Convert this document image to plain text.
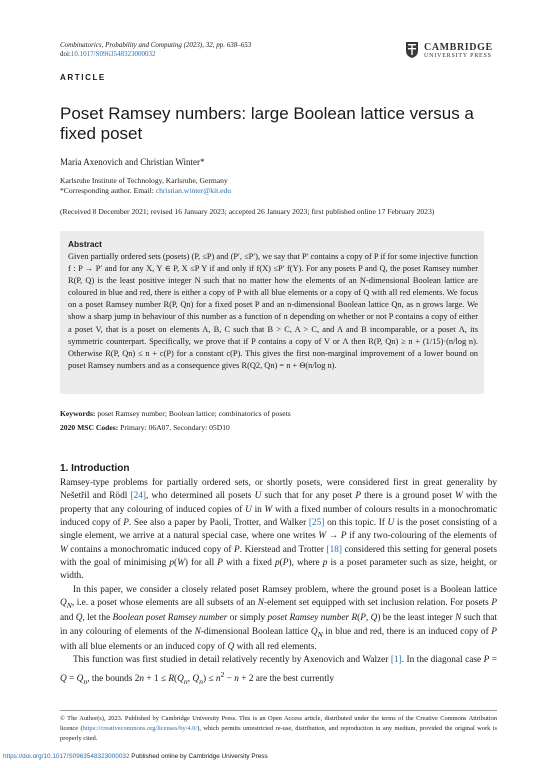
Combinatorics, Probability and Computing (2023), 32, pp. 638–653
doi:10.1017/S0963548323000032
CAMBRIDGE
UNIVERSITY PRESS
ARTICLE
Poset Ramsey numbers: large Boolean lattice versus a fixed poset
Maria Axenovich and Christian Winter*
Karlsruhe Institute of Technology, Karlsruhe, Germany
*Corresponding author. Email: christian.winter@kit.edu
(Received 8 December 2021; revised 16 January 2023; accepted 26 January 2023; first published online 17 February 2023)
Abstract
Given partially ordered sets (posets) (P, ≤P) and (P′, ≤P′), we say that P′ contains a copy of P if for some injective function f : P → P′ and for any X, Y ∈ P, X ≤P Y if and only if f(X) ≤P′ f(Y). For any posets P and Q, the poset Ramsey number R(P, Q) is the least positive integer N such that no matter how the elements of an N-dimensional Boolean lattice are coloured in blue and red, there is either a copy of P with all blue elements or a copy of Q with all red elements. We focus on a poset Ramsey number R(P, Qn) for a fixed poset P and an n-dimensional Boolean lattice Qn, as n grows large. We show a sharp jump in behaviour of this number as a function of n depending on whether or not P contains a copy of either a poset V, that is a poset on elements A, B, C such that B > C, A > C, and A and B incomparable, or a poset Λ, its symmetric counterpart. Specifically, we prove that if P contains a copy of V or Λ then R(P, Qn) ≥ n + (1/15)·(n/log n). Otherwise R(P, Qn) ≤ n + c(P) for a constant c(P). This gives the first non-marginal improvement of a lower bound on poset Ramsey numbers and as a consequence gives R(Q2, Qn) = n + Θ(n/log n).
Keywords: poset Ramsey number; Boolean lattice; combinatorics of posets
2020 MSC Codes: Primary: 06A07, Secondary: 05D10
1. Introduction

Ramsey-type problems for partially ordered sets, or shortly posets, were considered first in great generality by Nešetřil and Rödl [24], who determined all posets U such that for any poset P there is a ground poset W with the property that any colouring of induced copies of U in W with a fixed number of colours results in a monochromatic induced copy of P. See also a paper by Paoli, Trotter, and Walker [25] on this topic. If U is the poset consisting of a single element, we arrive at a natural special case, where one writes W → P if any two-colouring of the elements of W contains a monochromatic induced copy of P. Kierstead and Trotter [18] considered this setting for general posets with the goal of minimising p(W) for all P with a fixed p(P), where p is a poset parameter such as size, height, or width.

In this paper, we consider a closely related poset Ramsey problem, where the ground poset is a Boolean lattice $Q_N$, i.e. a poset whose elements are all subsets of an N-element set equipped with set inclusion relation. For posets P and Q, let the Boolean poset Ramsey number or simply poset Ramsey number R(P, Q) be the least integer N such that in any colouring of elements of the N-dimensional Boolean lattice $Q_N$ in blue and red, there is an induced copy of P with all blue elements or an induced copy of Q with all red elements.

This function was first studied in detail relatively recently by Axenovich and Walzer [1]. In the diagonal case $P = Q = Q_n$, the bounds $2n + 1 \le R(Q_n$, $Q_n) \le n^2 - n + 2$ are the best currently

© The Author(s), 2023. Published by Cambridge University Press. This is an Open Access article, distributed under the terms of the Creative Commons Attribution licence (https://creativecommons.org/licenses/by/4.0/), which permits unrestricted re-use, distribution, and reproduction in any medium, provided the original work is properly cited.
https://doi.org/10.1017/S0963548323000032 Published online by Cambridge University Press
